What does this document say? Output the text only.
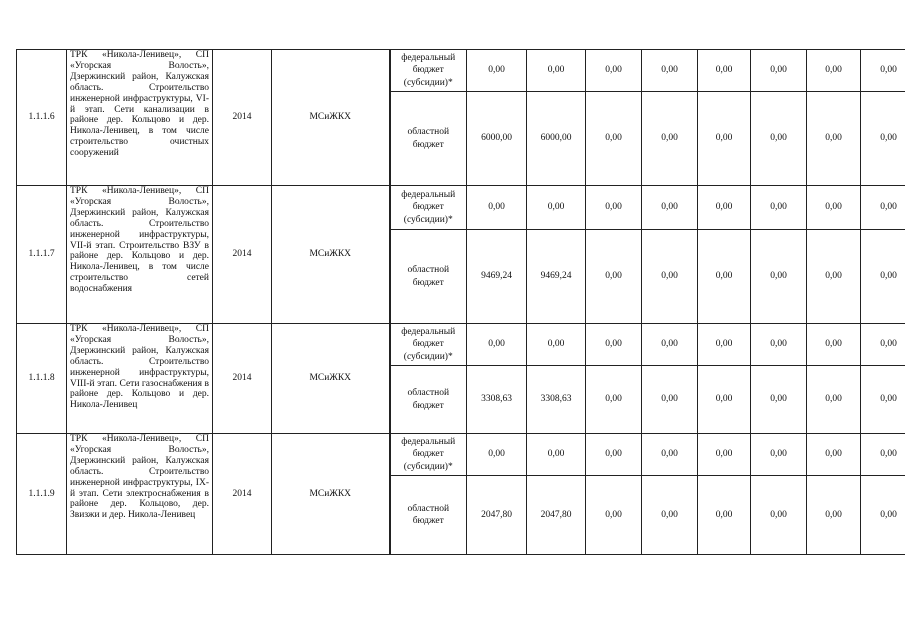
1.1.1.6	ТРК «Никола-Ленивец», СП «Угорская Волость», Дзержинский район, Калужская область. Строительство инженерной инфраструктуры, VI-й этап. Сети канализации в районе дер. Кольцово и дер. Никола-Ленивец, в том числе строительство очистных сооружений	2014	МСиЖКХ	федеральный бюджет (субсидии)*	0,00	0,00	0,00	0,00	0,00	0,00	0,00	0,00
				областной бюджет	6000,00	6000,00	0,00	0,00	0,00	0,00	0,00	0,00
1.1.1.7	ТРК «Никола-Ленивец», СП «Угорская Волость», Дзержинский район, Калужская область. Строительство инженерной инфраструктуры, VII-й этап. Строительство ВЗУ в районе дер. Кольцово и дер. Никола-Ленивец, в том числе строительство сетей водоснабжения	2014	МСиЖКХ	федеральный бюджет (субсидии)*	0,00	0,00	0,00	0,00	0,00	0,00	0,00	0,00
				областной бюджет	9469,24	9469,24	0,00	0,00	0,00	0,00	0,00	0,00
1.1.1.8	ТРК «Никола-Ленивец», СП «Угорская Волость», Дзержинский район, Калужская область. Строительство инженерной инфраструктуры, VIII-й этап. Сети газоснабжения в районе дер. Кольцово и дер. Никола-Ленивец	2014	МСиЖКХ	федеральный бюджет (субсидии)*	0,00	0,00	0,00	0,00	0,00	0,00	0,00	0,00
				областной бюджет	3308,63	3308,63	0,00	0,00	0,00	0,00	0,00	0,00
1.1.1.9	ТРК «Никола-Ленивец», СП «Угорская Волость», Дзержинский район, Калужская область. Строительство инженерной инфраструктуры, IX-й этап. Сети электроснабжения в районе дер. Кольцово, дер. Звизжи и дер. Никола-Ленивец	2014	МСиЖКХ	федеральный бюджет (субсидии)*	0,00	0,00	0,00	0,00	0,00	0,00	0,00	0,00
				областной бюджет	2047,80	2047,80	0,00	0,00	0,00	0,00	0,00	0,00
